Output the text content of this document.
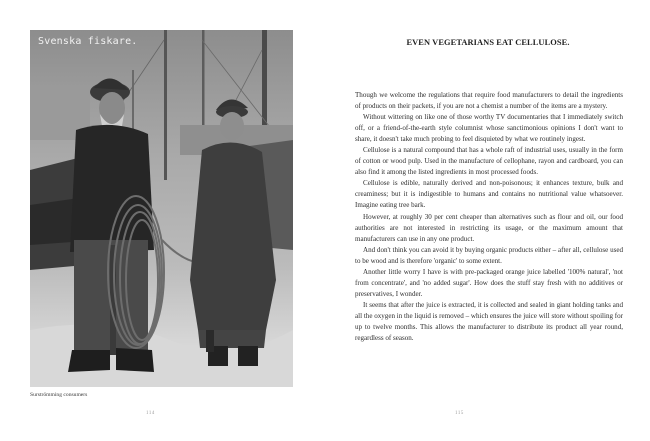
Svenska fiskare.
Surströmming consumers
114
EVEN VEGETARIANS EAT CELLULOSE.

Though we welcome the regulations that require food manufacturers to detail the ingredients of products on their packets, if you are not a chemist a number of the items are a mystery.

Without wittering on like one of those worthy TV documentaries that I immediately switch off, or a friend-of-the-earth style columnist whose sanctimonious opinions I don't want to share, it doesn't take much probing to feel disquieted by what we routinely ingest.

Cellulose is a natural compound that has a whole raft of industrial uses, usually in the form of cotton or wood pulp. Used in the manufacture of cellophane, rayon and cardboard, you can also find it among the listed ingredients in most processed foods.

Cellulose is edible, naturally derived and non-poisonous; it enhances texture, bulk and creaminess; but it is indigestible to humans and contains no nutritional value whatsoever. Imagine eating tree bark.

However, at roughly 30 per cent cheaper than alternatives such as flour and oil, our food authorities are not interested in restricting its usage, or the maximum amount that manufacturers can use in any one product.

And don't think you can avoid it by buying organic products either – after all, cellulose used to be wood and is therefore 'organic' to some extent.

Another little worry I have is with pre-packaged orange juice labelled '100% natural', 'not from concentrate', and 'no added sugar'. How does the stuff stay fresh with no additives or preservatives, I wonder.

It seems that after the juice is extracted, it is collected and sealed in giant holding tanks and all the oxygen in the liquid is removed – which ensures the juice will store without spoiling for up to twelve months. This allows the manufacturer to distribute its product all year round, regardless of season.

115
